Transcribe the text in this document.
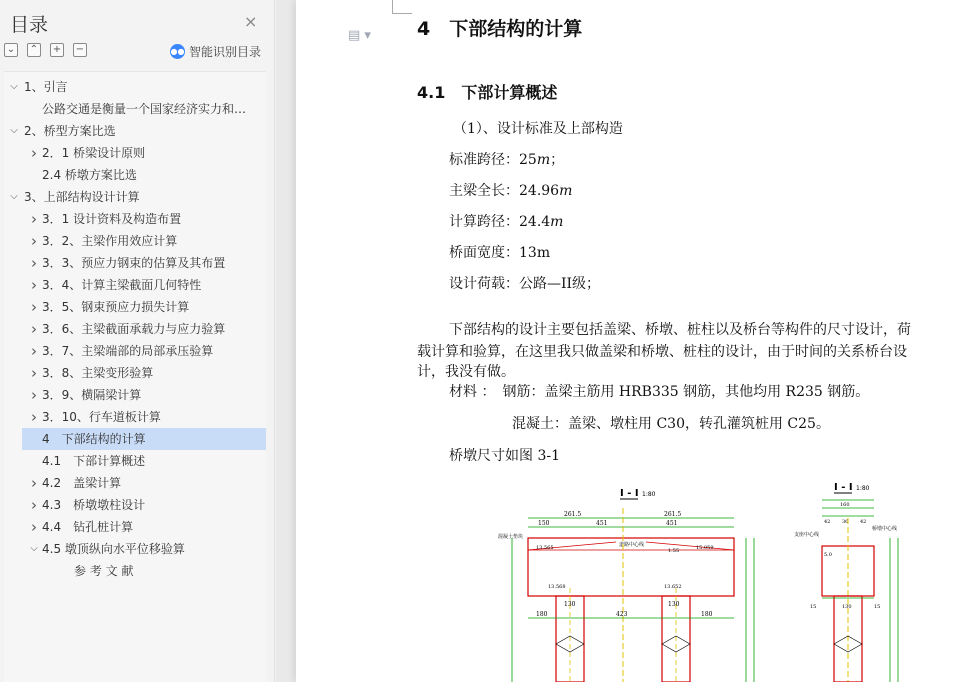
目录	×
⌄ ⌃ + −	●● 智能识别目录
⌵ 1、引言
公路交通是衡量一个国家经济实力和…
⌵ 2、桥型方案比选
› 2．1 桥梁设计原则
2.4 桥墩方案比选
⌵ 3、上部结构设计计算
› 3．1 设计资料及构造布置
› 3．2、主梁作用效应计算
› 3．3、预应力钢束的估算及其布置
› 3．4、计算主梁截面几何特性
› 3．5、钢束预应力损失计算
› 3．6、主梁截面承载力与应力验算
› 3．7、主梁端部的局部承压验算
› 3．8、主梁变形验算
› 3．9、横隔梁计算
› 3．10、行车道板计算
4　下部结构的计算
4.1　下部计算概述
› 4.2　盖梁计算
› 4.3　桥墩墩柱设计
› 4.4　钻孔桩计算
⌵ 4.5 墩顶纵向水平位移验算
参 考 文 献
▤ ▾ 4　下部结构的计算
4.1　下部计算概述
（1）、设计标准及上部构造
标准跨径：25𝑚；
主梁全长：24.96𝑚
计算跨径：24.4𝑚
桥面宽度：13m
设计荷载：公路—II级；
下部结构的设计主要包括盖梁、桥墩、桩柱以及桥台等构件的尺寸设计，荷
载计算和验算，在这里我只做盖梁和桥墩、桩柱的设计，由于时间的关系桥台设
计，我没有做。
材料 ：　钢筋：盖梁主筋用 HRB335 钢筋，其他均用 R235 钢筋。
混凝土：盖梁、墩柱用 C30，转孔灌筑桩用 C25。
桥墩尺寸如图 3-1
I - I 1:80
261.5	261.5
150	451	451
混凝土垫块
道路中心线
13.565
13.568	13.652
15.059
1.55
180	423	180
130	130
I - I 1:80
160
42 36 42
支座中心线
桥墩中心线
15	130	15
5.0
